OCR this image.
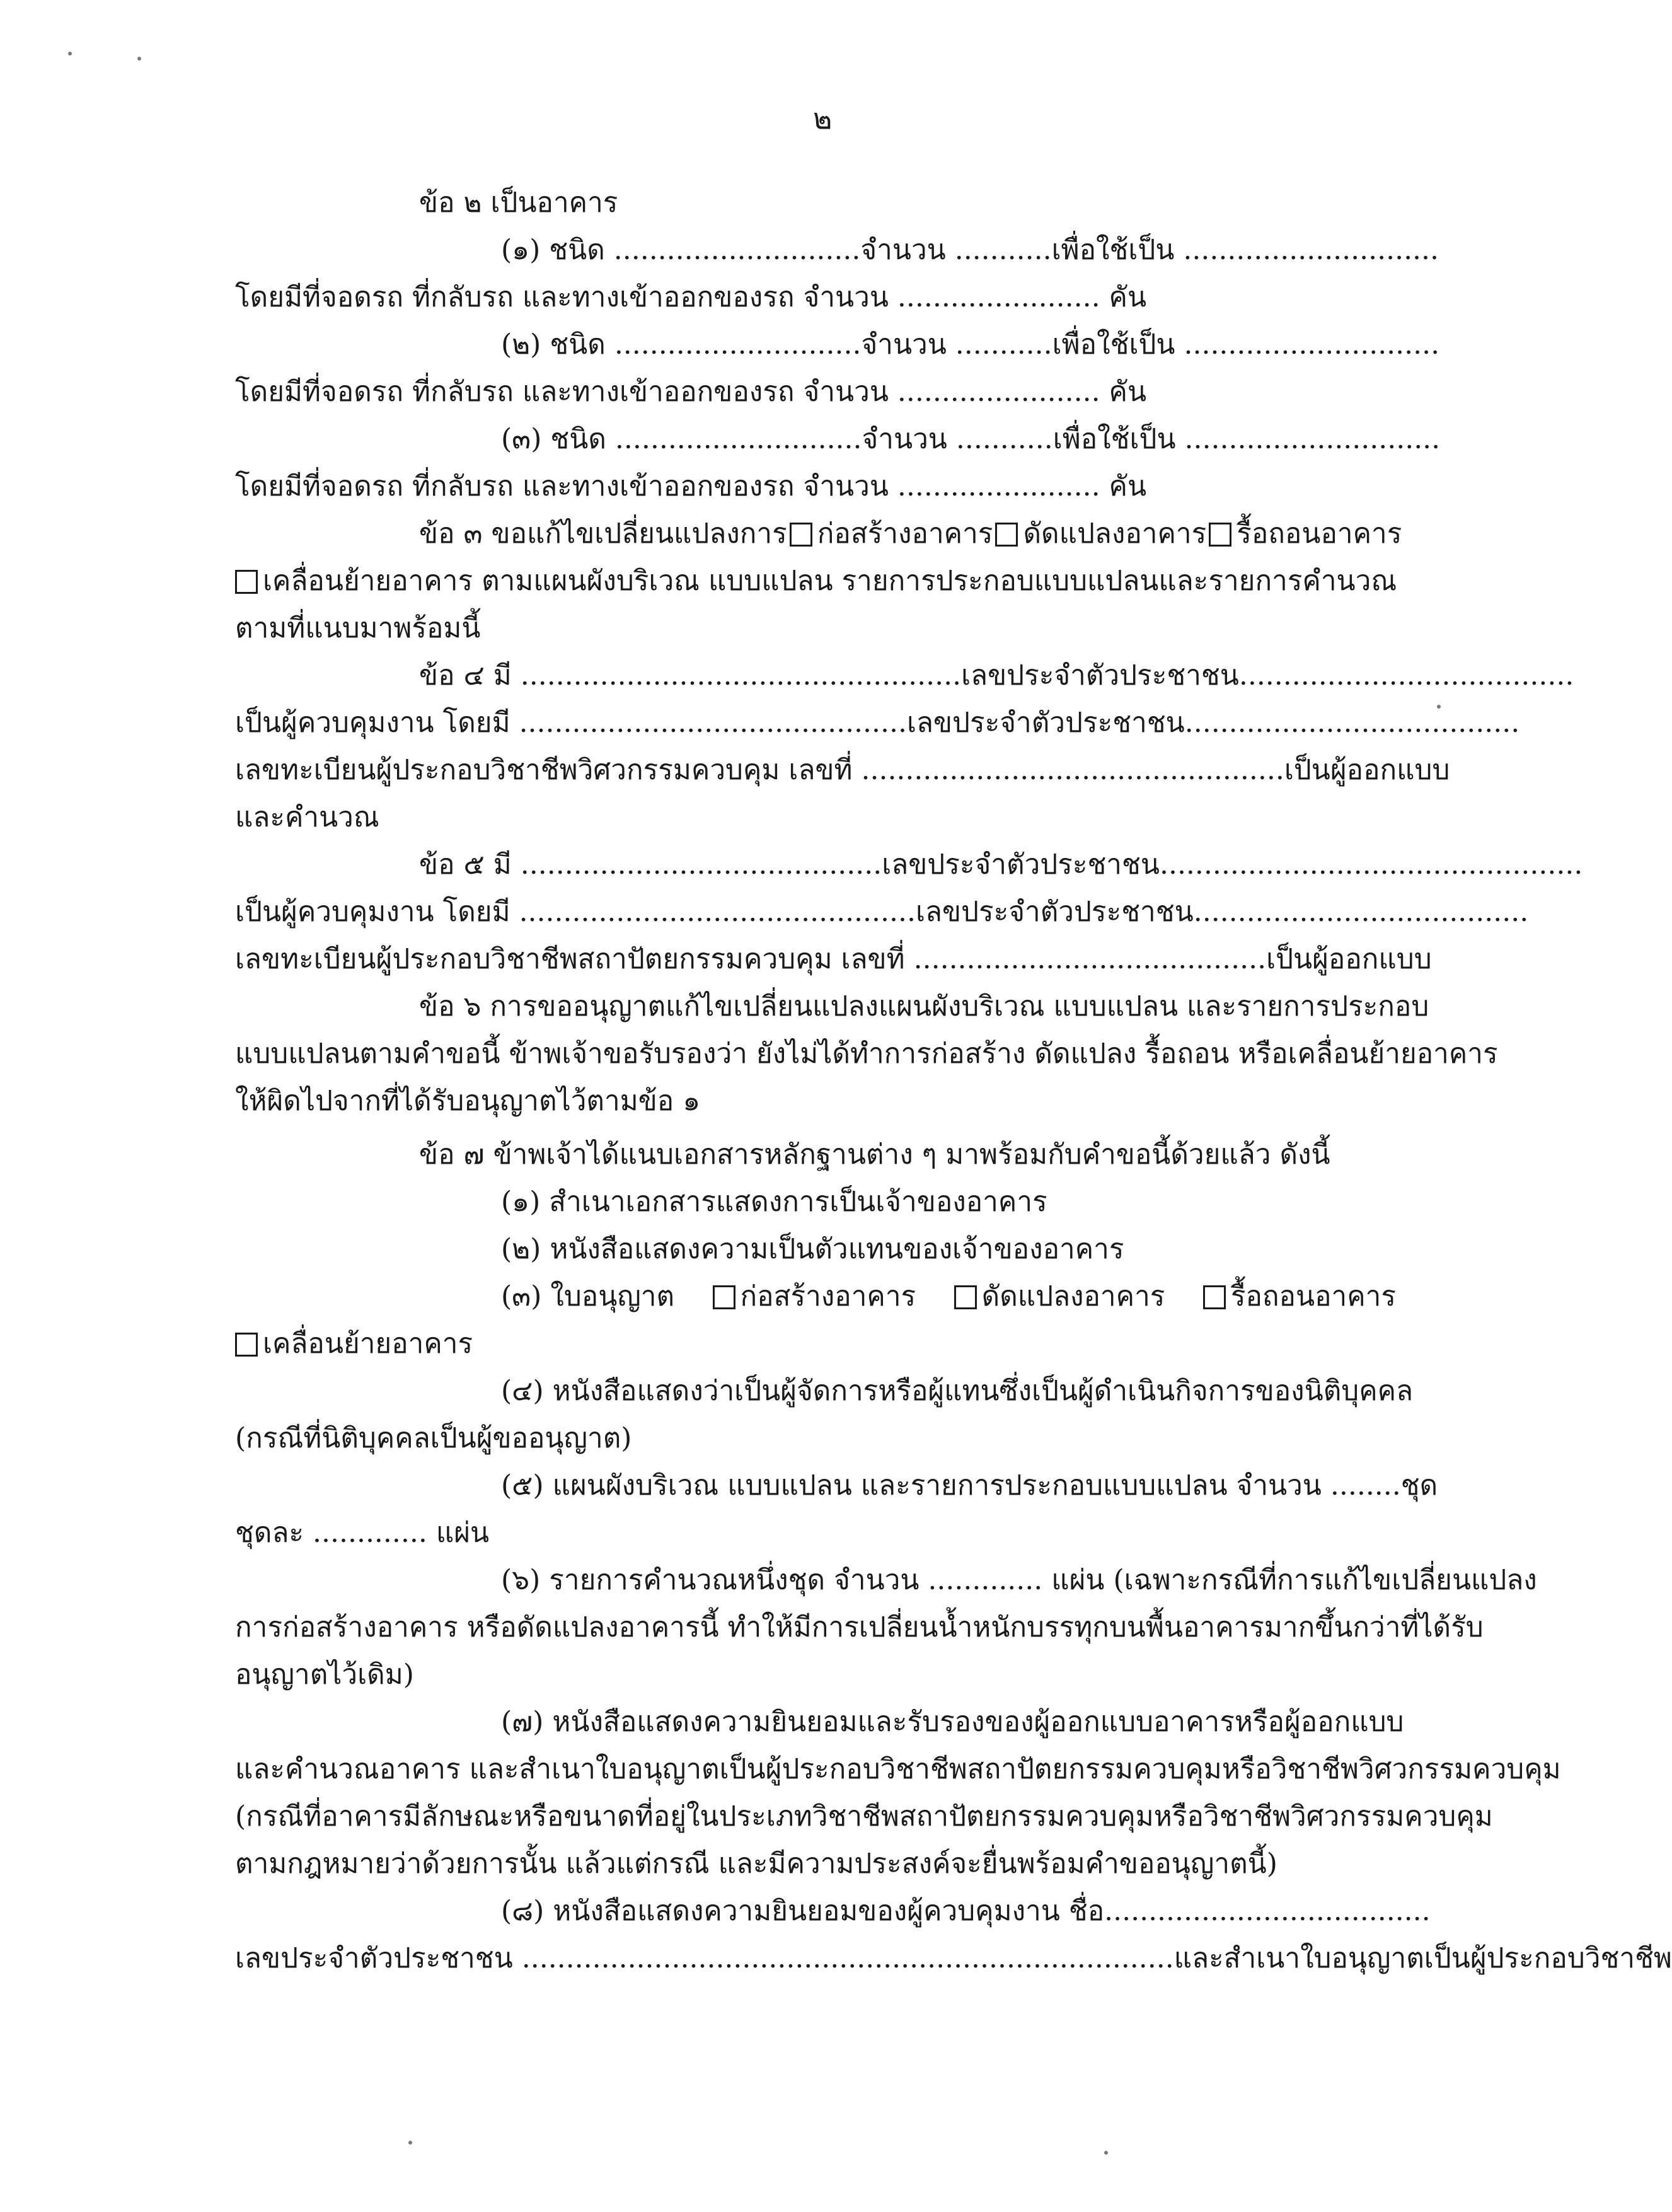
๒
ข้อ ๒ เป็นอาคาร
(๑) ชนิด ............................ จำนวน ........... เพื่อใช้เป็น .............................
โดยมีที่จอดรถ ที่กลับรถ และทางเข้าออกของรถ จำนวน ....................... คัน
(๒) ชนิด ............................ จำนวน ........... เพื่อใช้เป็น .............................
โดยมีที่จอดรถ ที่กลับรถ และทางเข้าออกของรถ จำนวน ....................... คัน
(๓) ชนิด ............................ จำนวน ........... เพื่อใช้เป็น .............................
โดยมีที่จอดรถ ที่กลับรถ และทางเข้าออกของรถ จำนวน ....................... คัน
ข้อ ๓ ขอแก้ไขเปลี่ยนแปลงการ	ก่อสร้างอาคาร	ดัดแปลงอาคาร	รื้อถอนอาคาร
เคลื่อนย้ายอาคาร ตามแผนผังบริเวณ แบบแปลน รายการประกอบแบบแปลนและรายการคำนวณ
ตามที่แนบมาพร้อมนี้
ข้อ ๔ มี ..................................................เลขประจำตัวประชาชน ......................................
เป็นผู้ควบคุมงาน โดยมี ............................................เลขประจำตัวประชาชน ......................................
เลขทะเบียนผู้ประกอบวิชาชีพวิศวกรรมควบคุม เลขที่ ................................................ เป็นผู้ออกแบบ
และคำนวณ
ข้อ ๕ มี .........................................เลขประจำตัวประชาชน ................................................
เป็นผู้ควบคุมงาน โดยมี .............................................เลขประจำตัวประชาชน ......................................
เลขทะเบียนผู้ประกอบวิชาชีพสถาปัตยกรรมควบคุม เลขที่ ........................................ เป็นผู้ออกแบบ
ข้อ ๖ การขออนุญาตแก้ไขเปลี่ยนแปลงแผนผังบริเวณ แบบแปลน และรายการประกอบ
แบบแปลนตามคำขอนี้ ข้าพเจ้าขอรับรองว่า ยังไม่ได้ทำการก่อสร้าง ดัดแปลง รื้อถอน หรือเคลื่อนย้ายอาคาร
ให้ผิดไปจากที่ได้รับอนุญาตไว้ตามข้อ ๑
ข้อ ๗ ข้าพเจ้าได้แนบเอกสารหลักฐานต่าง ๆ มาพร้อมกับคำขอนี้ด้วยแล้ว ดังนี้
(๑) สำเนาเอกสารแสดงการเป็นเจ้าของอาคาร
(๒) หนังสือแสดงความเป็นตัวแทนของเจ้าของอาคาร
(๓) ใบอนุญาต	ก่อสร้างอาคาร	ดัดแปลงอาคาร	รื้อถอนอาคาร
เคลื่อนย้ายอาคาร
(๔) หนังสือแสดงว่าเป็นผู้จัดการหรือผู้แทนซึ่งเป็นผู้ดำเนินกิจการของนิติบุคคล
(กรณีที่นิติบุคคลเป็นผู้ขออนุญาต)
(๕) แผนผังบริเวณ แบบแปลน และรายการประกอบแบบแปลน จำนวน ........ ชุด
ชุดละ ............. แผ่น
(๖) รายการคำนวณหนึ่งชุด จำนวน ............. แผ่น (เฉพาะกรณีที่การแก้ไขเปลี่ยนแปลง
การก่อสร้างอาคาร หรือดัดแปลงอาคารนี้ ทำให้มีการเปลี่ยนน้ำหนักบรรทุกบนพื้นอาคารมากขึ้นกว่าที่ได้รับ
อนุญาตไว้เดิม)
(๗) หนังสือแสดงความยินยอมและรับรองของผู้ออกแบบอาคารหรือผู้ออกแบบ
และคำนวณอาคาร และสำเนาใบอนุญาตเป็นผู้ประกอบวิชาชีพสถาปัตยกรรมควบคุมหรือวิชาชีพวิศวกรรมควบคุม
(กรณีที่อาคารมีลักษณะหรือขนาดที่อยู่ในประเภทวิชาชีพสถาปัตยกรรมควบคุมหรือวิชาชีพวิศวกรรมควบคุม
ตามกฎหมายว่าด้วยการนั้น แล้วแต่กรณี และมีความประสงค์จะยื่นพร้อมคำขออนุญาตนี้)
(๘) หนังสือแสดงความยินยอมของผู้ควบคุมงาน ชื่อ .....................................
เลขประจำตัวประชาชน .......................................................................... และสำเนาใบอนุญาตเป็นผู้ประกอบวิชาชีพ
